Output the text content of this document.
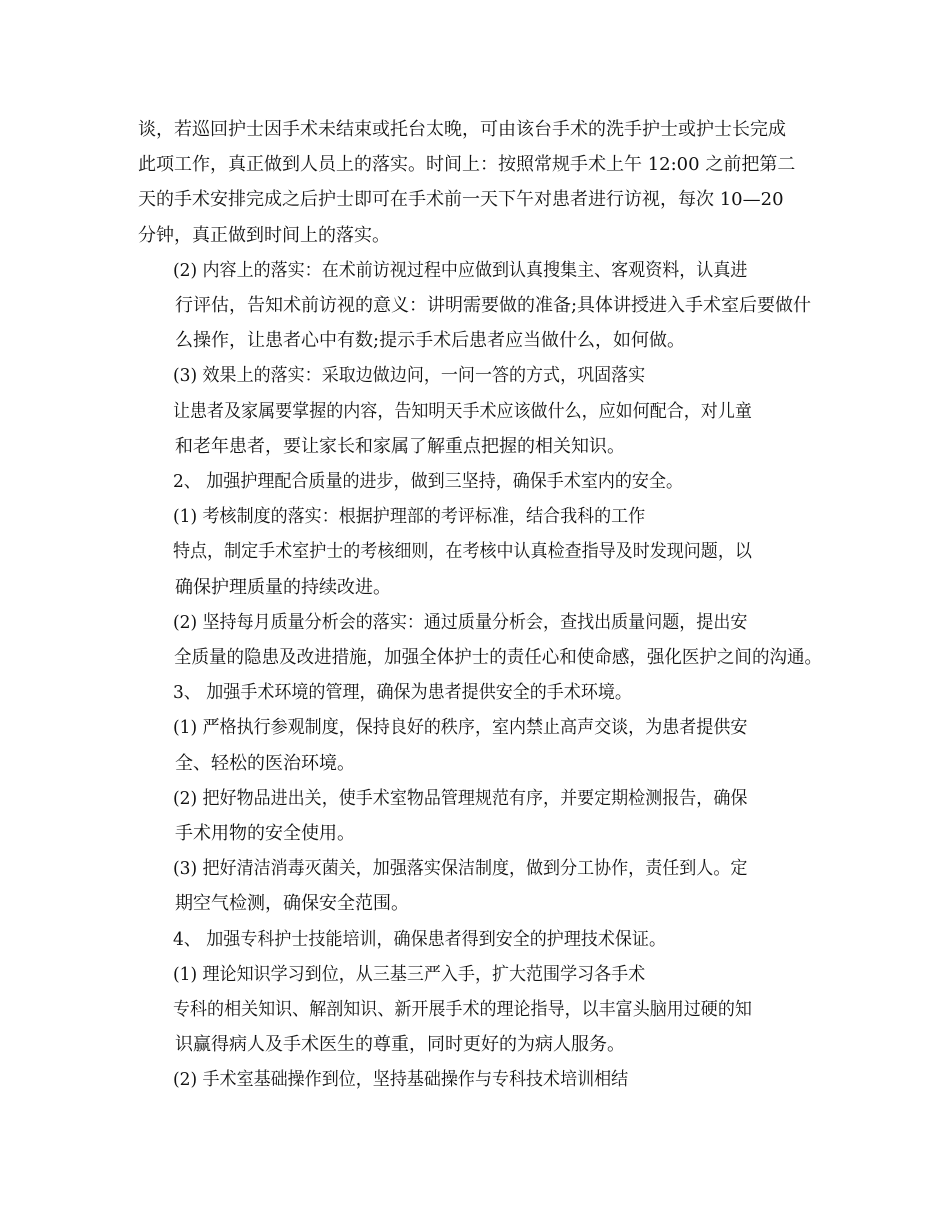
谈，若巡回护士因手术未结束或托台太晚，可由该台手术的洗手护士或护士长完成
此项工作，真正做到人员上的落实。时间上：按照常规手术上午 12:00 之前把第二
天的手术安排完成之后护士即可在手术前一天下午对患者进行访视，每次 10—20
分钟，真正做到时间上的落实。

(2) 内容上的落实：在术前访视过程中应做到认真搜集主、客观资料，认真进
行评估，告知术前访视的意义：讲明需要做的准备;具体讲授进入手术室后要做什
么操作，让患者心中有数;提示手术后患者应当做什么，如何做。

(3) 效果上的落实：采取边做边问，一问一答的方式，巩固落实

让患者及家属要掌握的内容，告知明天手术应该做什么，应如何配合，对儿童
和老年患者，要让家长和家属了解重点把握的相关知识。

2、 加强护理配合质量的进步，做到三坚持，确保手术室内的安全。

(1) 考核制度的落实：根据护理部的考评标准，结合我科的工作

特点，制定手术室护士的考核细则，在考核中认真检查指导及时发现问题，以
确保护理质量的持续改进。

(2) 坚持每月质量分析会的落实：通过质量分析会，查找出质量问题，提出安
全质量的隐患及改进措施，加强全体护士的责任心和使命感，强化医护之间的沟通。

3、 加强手术环境的管理，确保为患者提供安全的手术环境。

(1) 严格执行参观制度，保持良好的秩序，室内禁止高声交谈，为患者提供安
全、轻松的医治环境。

(2) 把好物品进出关，使手术室物品管理规范有序，并要定期检测报告，确保
手术用物的安全使用。

(3) 把好清洁消毒灭菌关，加强落实保洁制度，做到分工协作，责任到人。定
期空气检测，确保安全范围。

4、 加强专科护士技能培训，确保患者得到安全的护理技术保证。

(1) 理论知识学习到位，从三基三严入手，扩大范围学习各手术

专科的相关知识、解剖知识、新开展手术的理论指导，以丰富头脑用过硬的知
识赢得病人及手术医生的尊重，同时更好的为病人服务。

(2) 手术室基础操作到位，坚持基础操作与专科技术培训相结
